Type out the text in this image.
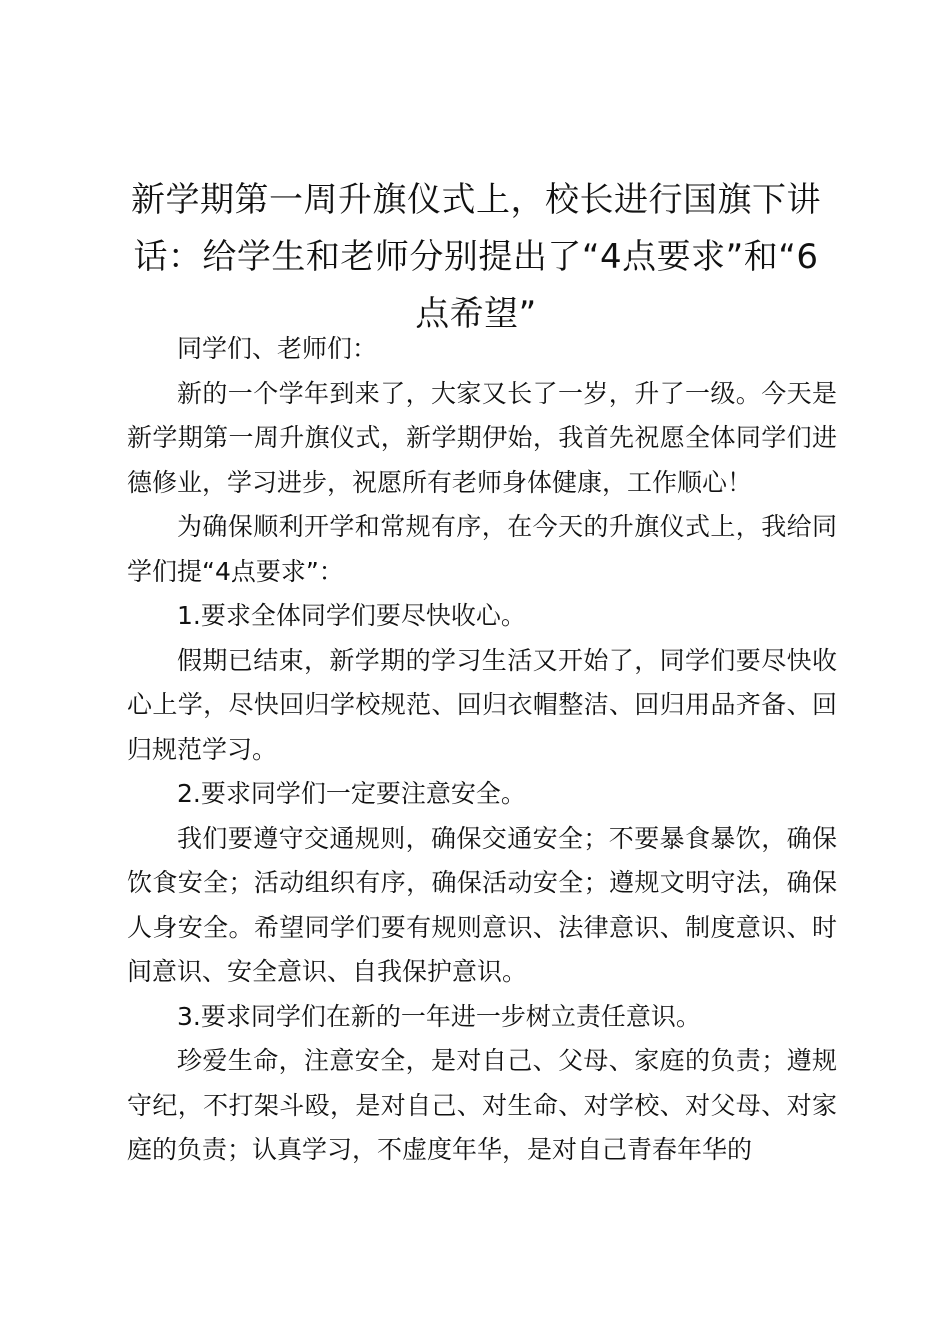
新学期第一周升旗仪式上，校长进行国旗下讲话：给学生和老师分别提出了“4点要求”和“6点希望”

同学们、老师们：

新的一个学年到来了，大家又长了一岁，升了一级。今天是新学期第一周升旗仪式，新学期伊始，我首先祝愿全体同学们进德修业，学习进步，祝愿所有老师身体健康，工作顺心！

为确保顺利开学和常规有序，在今天的升旗仪式上，我给同学们提“4点要求”：

1.要求全体同学们要尽快收心。

假期已结束，新学期的学习生活又开始了，同学们要尽快收心上学，尽快回归学校规范、回归衣帽整洁、回归用品齐备、回归规范学习。

2.要求同学们一定要注意安全。

我们要遵守交通规则，确保交通安全；不要暴食暴饮，确保饮食安全；活动组织有序，确保活动安全；遵规文明守法，确保人身安全。希望同学们要有规则意识、法律意识、制度意识、时间意识、安全意识、自我保护意识。

3.要求同学们在新的一年进一步树立责任意识。

珍爱生命，注意安全，是对自己、父母、家庭的负责；遵规守纪，不打架斗殴，是对自己、对生命、对学校、对父母、对家庭的负责；认真学习，不虚度年华，是对自己青春年华的
